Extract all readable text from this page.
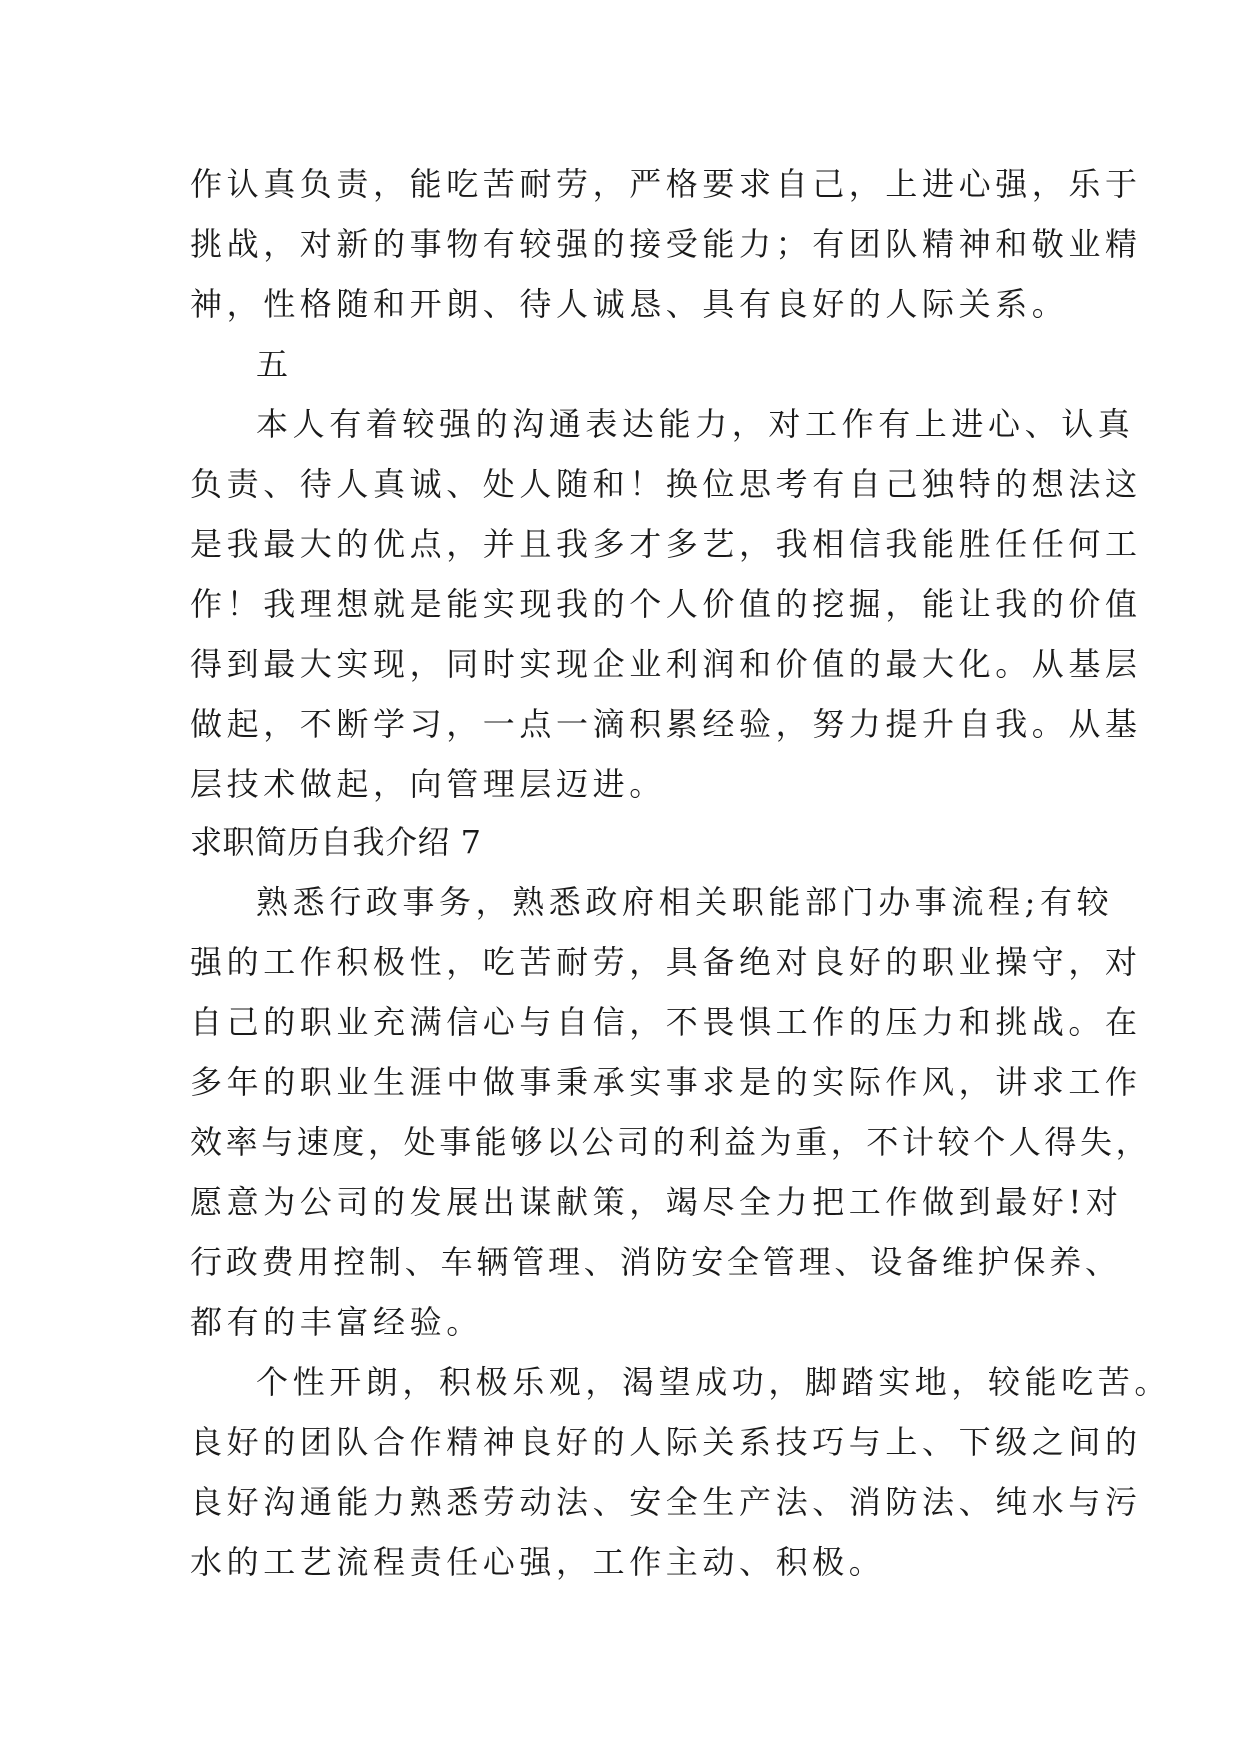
作认真负责，能吃苦耐劳，严格要求自己，上进心强，乐于
挑战，对新的事物有较强的接受能力；有团队精神和敬业精
神，性格随和开朗、待人诚恳、具有良好的人际关系。
五
本人有着较强的沟通表达能力，对工作有上进心、认真
负责、待人真诚、处人随和！换位思考有自己独特的想法这
是我最大的优点，并且我多才多艺，我相信我能胜任任何工
作！我理想就是能实现我的个人价值的挖掘，能让我的价值
得到最大实现，同时实现企业利润和价值的最大化。从基层
做起，不断学习，一点一滴积累经验，努力提升自我。从基
层技术做起，向管理层迈进。
求职简历自我介绍 7
熟悉行政事务，熟悉政府相关职能部门办事流程;有较
强的工作积极性，吃苦耐劳，具备绝对良好的职业操守，对
自己的职业充满信心与自信，不畏惧工作的压力和挑战。在
多年的职业生涯中做事秉承实事求是的实际作风，讲求工作
效率与速度，处事能够以公司的利益为重，不计较个人得失，
愿意为公司的发展出谋献策，竭尽全力把工作做到最好!对
行政费用控制、车辆管理、消防安全管理、设备维护保养、
都有的丰富经验。
个性开朗，积极乐观，渴望成功，脚踏实地，较能吃苦。
良好的团队合作精神良好的人际关系技巧与上、下级之间的
良好沟通能力熟悉劳动法、安全生产法、消防法、纯水与污
水的工艺流程责任心强，工作主动、积极。
